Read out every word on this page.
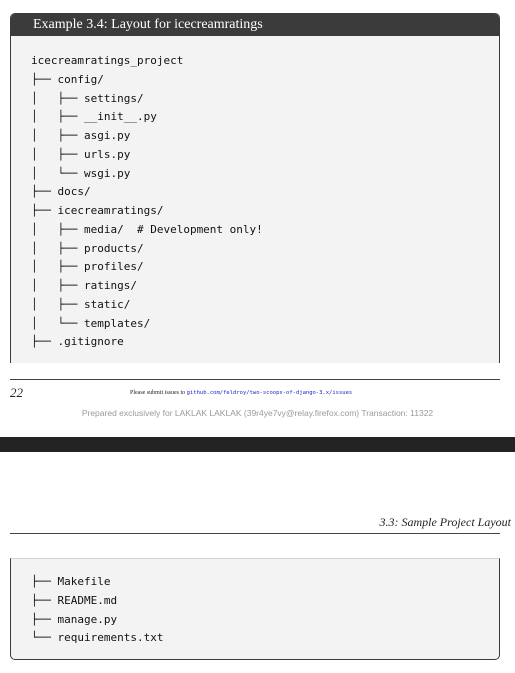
Example 3.4: Layout for icecreamratings
icecreamratings_project
├── config/
│   ├── settings/
│   ├── __init__.py
│   ├── asgi.py
│   ├── urls.py
│   └── wsgi.py
├── docs/
├── icecreamratings/
│   ├── media/  # Development only!
│   ├── products/
│   ├── profiles/
│   ├── ratings/
│   ├── static/
│   └── templates/
├── .gitignore
22	Please submit issues to github.com/feldroy/two-scoops-of-django-3.x/issues
Prepared exclusively for LAKLAK LAKLAK (39r4ye7vy@relay.firefox.com) Transaction: 11322
3.3: Sample Project Layout
├── Makefile
├── README.md
├── manage.py
└── requirements.txt
